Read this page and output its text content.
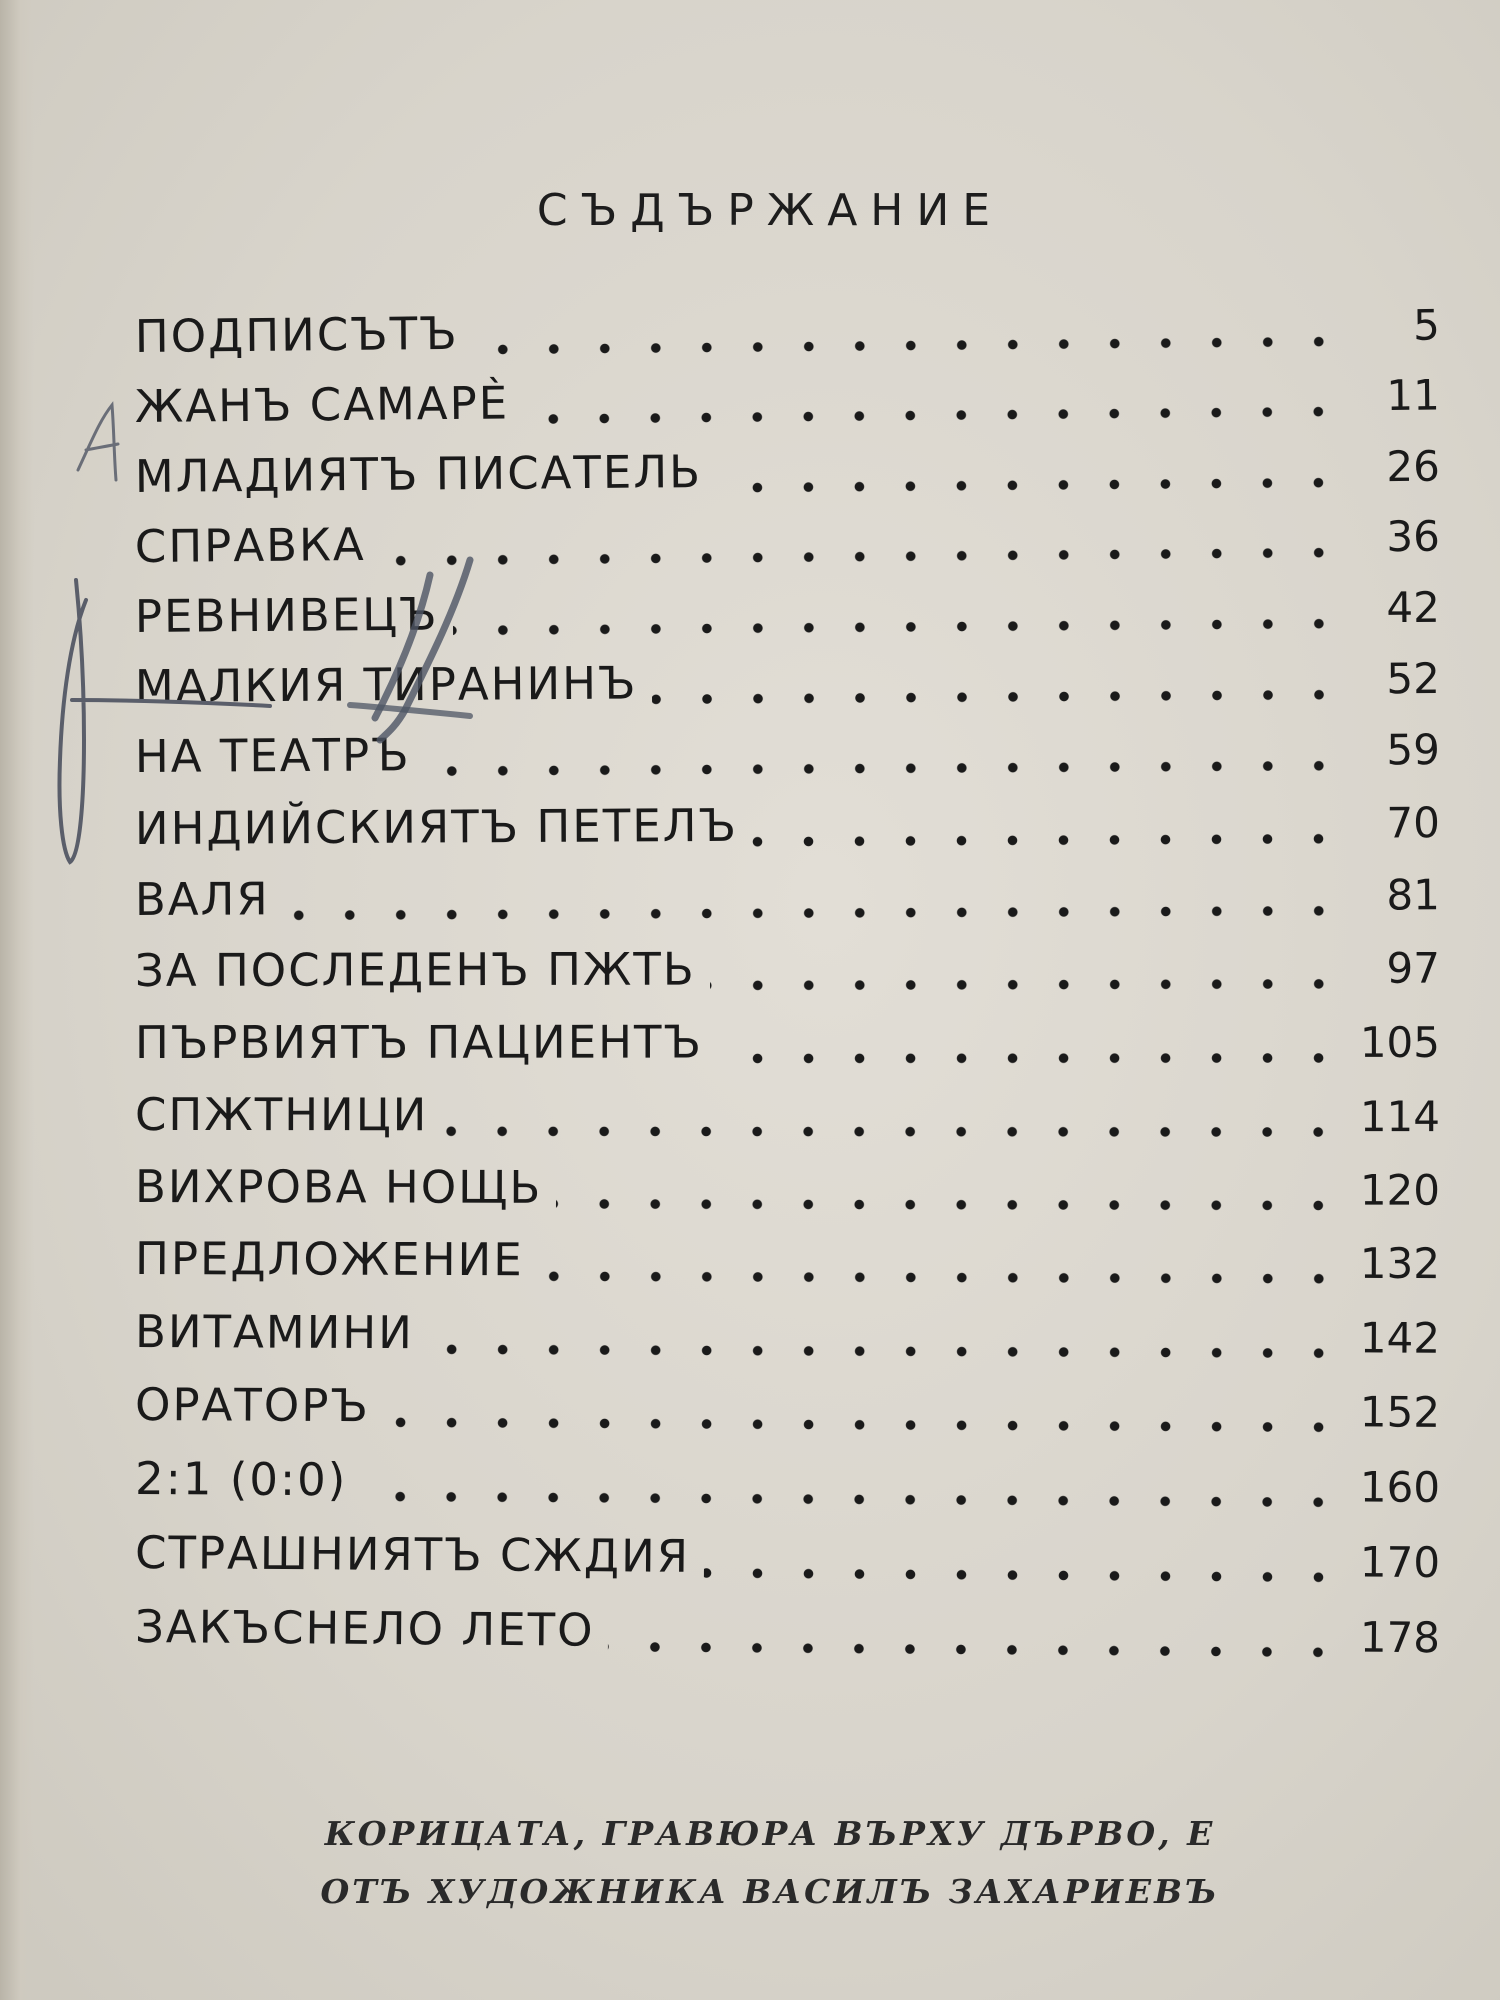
СЪДЪРЖАНИЕ
ПОДПИСЪТЪ	5
ЖАНЪ САМАРЀ	11
МЛАДИЯТЪ ПИСАТЕЛЬ	26
СПРАВКА	36
РЕВНИВЕЦЪ	42
МАЛКИЯ ТИРАНИНЪ	52
НА ТЕАТРЪ	59
ИНДИЙСКИЯТЪ ПЕТЕЛЪ	70
ВАЛЯ	81
ЗА ПОСЛЕДЕНЪ ПЖТЬ	97
ПЪРВИЯТЪ ПАЦИЕНТЪ	105
СПЖТНИЦИ	114
ВИХРОВА НОЩЬ	120
ПРЕДЛОЖЕНИЕ	132
ВИТАМИНИ	142
ОРАТОРЪ	152
2:1 (0:0)	160
СТРАШНИЯТЪ СЖДИЯ	170
ЗАКЪСНЕЛО ЛЕТО	178
КОРИЦАТА, ГРАВЮРА ВЪРХУ ДЪРВО, Е
ОТЪ ХУДОЖНИКА ВАСИЛЪ ЗАХАРИЕВЪ
